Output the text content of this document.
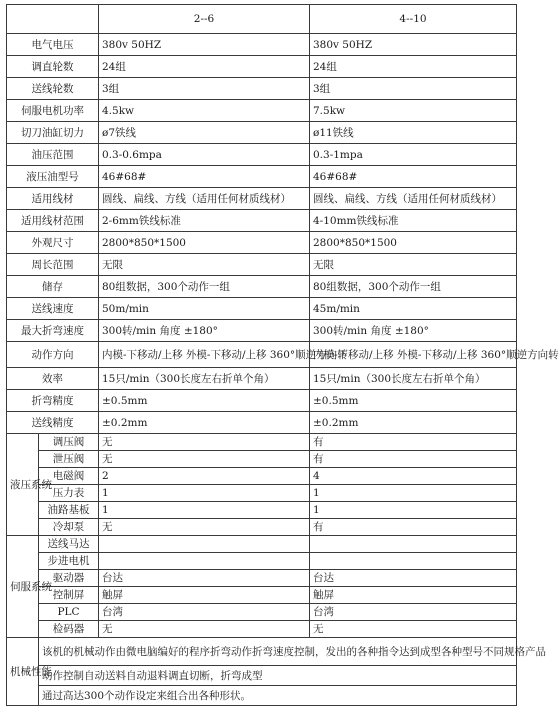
		2--6	4--10
电气电压		380v 50HZ	380v 50HZ
调直轮数		24组	24组
送线轮数		3组	3组
伺服电机功率		4.5kw	7.5kw
切刀油缸切力		ø7铁线	ø11铁线
油压范围		0.3-0.6mpa	0.3-1mpa
液压油型号		46#68#	46#68#
适用线材		圆线、扁线、方线（适用任何材质线材）	圆线、扁线、方线（适用任何材质线材）
适用线材范围		2-6mm铁线标准	4-10mm铁线标准
外观尺寸		2800*850*1500	2800*850*1500
周长范围		无限	无限
储存		80组数据，300个动作一组	80组数据，300个动作一组
送线速度		50m/min	45m/min
最大折弯速度		300转/min 角度 ±180°	300转/min 角度 ±180°
动作方向		内模-下移动/上移 外模-下移动/上移 360°顺逆方向转	内模-下移动/上移 外模-下移动/上移 360°顺逆方向转
效率		15只/min（300长度左右折单个角）	15只/min（300长度左右折单个角）
折弯精度		±0.5mm	±0.5mm
送线精度		±0.2mm	±0.2mm
液压系统	调压阀	无	有
	泄压阀	无	有
	电磁阀	2	4
	压力表	1	1
	油路基板	1	1
	冷却泵	无	有
伺服系统	送线马达		
	步进电机		
	驱动器	台达	台达
	控制屏	触屏	触屏
	PLC	台湾	台湾
	检码器	无	无
机械性能	该机的机械动作由微电脑编好的程序折弯动作折弯速度控制，发出的各种指令达到成型各种型号不同规格产品		
	动作控制自动送料自动退料调直切断，折弯成型		
	通过高达300个动作设定来组合出各种形状。		
